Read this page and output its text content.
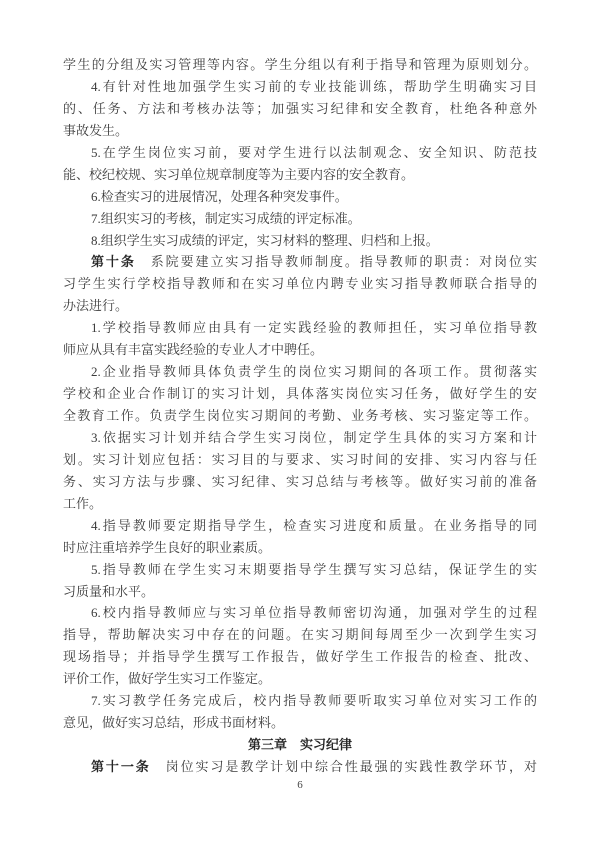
学生的分组及实习管理等内容。学生分组以有利于指导和管理为原则划分。
4.有针对性地加强学生实习前的专业技能训练，帮助学生明确实习目
的、任务、方法和考核办法等；加强实习纪律和安全教育，杜绝各种意外
事故发生。
5.在学生岗位实习前，要对学生进行以法制观念、安全知识、防范技
能、校纪校规、实习单位规章制度等为主要内容的安全教育。
6.检查实习的进展情况，处理各种突发事件。
7.组织实习的考核，制定实习成绩的评定标准。
8.组织学生实习成绩的评定，实习材料的整理、归档和上报。
第十条　系院要建立实习指导教师制度。指导教师的职责：对岗位实
习学生实行学校指导教师和在实习单位内聘专业实习指导教师联合指导的
办法进行。
1.学校指导教师应由具有一定实践经验的教师担任，实习单位指导教
师应从具有丰富实践经验的专业人才中聘任。
2.企业指导教师具体负责学生的岗位实习期间的各项工作。贯彻落实
学校和企业合作制订的实习计划，具体落实岗位实习任务，做好学生的安
全教育工作。负责学生岗位实习期间的考勤、业务考核、实习鉴定等工作。
3.依据实习计划并结合学生实习岗位，制定学生具体的实习方案和计
划。实习计划应包括：实习目的与要求、实习时间的安排、实习内容与任
务、实习方法与步骤、实习纪律、实习总结与考核等。做好实习前的准备
工作。
4.指导教师要定期指导学生，检查实习进度和质量。在业务指导的同
时应注重培养学生良好的职业素质。
5.指导教师在学生实习末期要指导学生撰写实习总结，保证学生的实
习质量和水平。
6.校内指导教师应与实习单位指导教师密切沟通，加强对学生的过程
指导，帮助解决实习中存在的问题。在实习期间每周至少一次到学生实习
现场指导；并指导学生撰写工作报告，做好学生工作报告的检查、批改、
评价工作，做好学生实习工作鉴定。
7.实习教学任务完成后，校内指导教师要听取实习单位对实习工作的
意见，做好实习总结，形成书面材料。
第三章　实习纪律
第十一条　岗位实习是教学计划中综合性最强的实践性教学环节，对
6
